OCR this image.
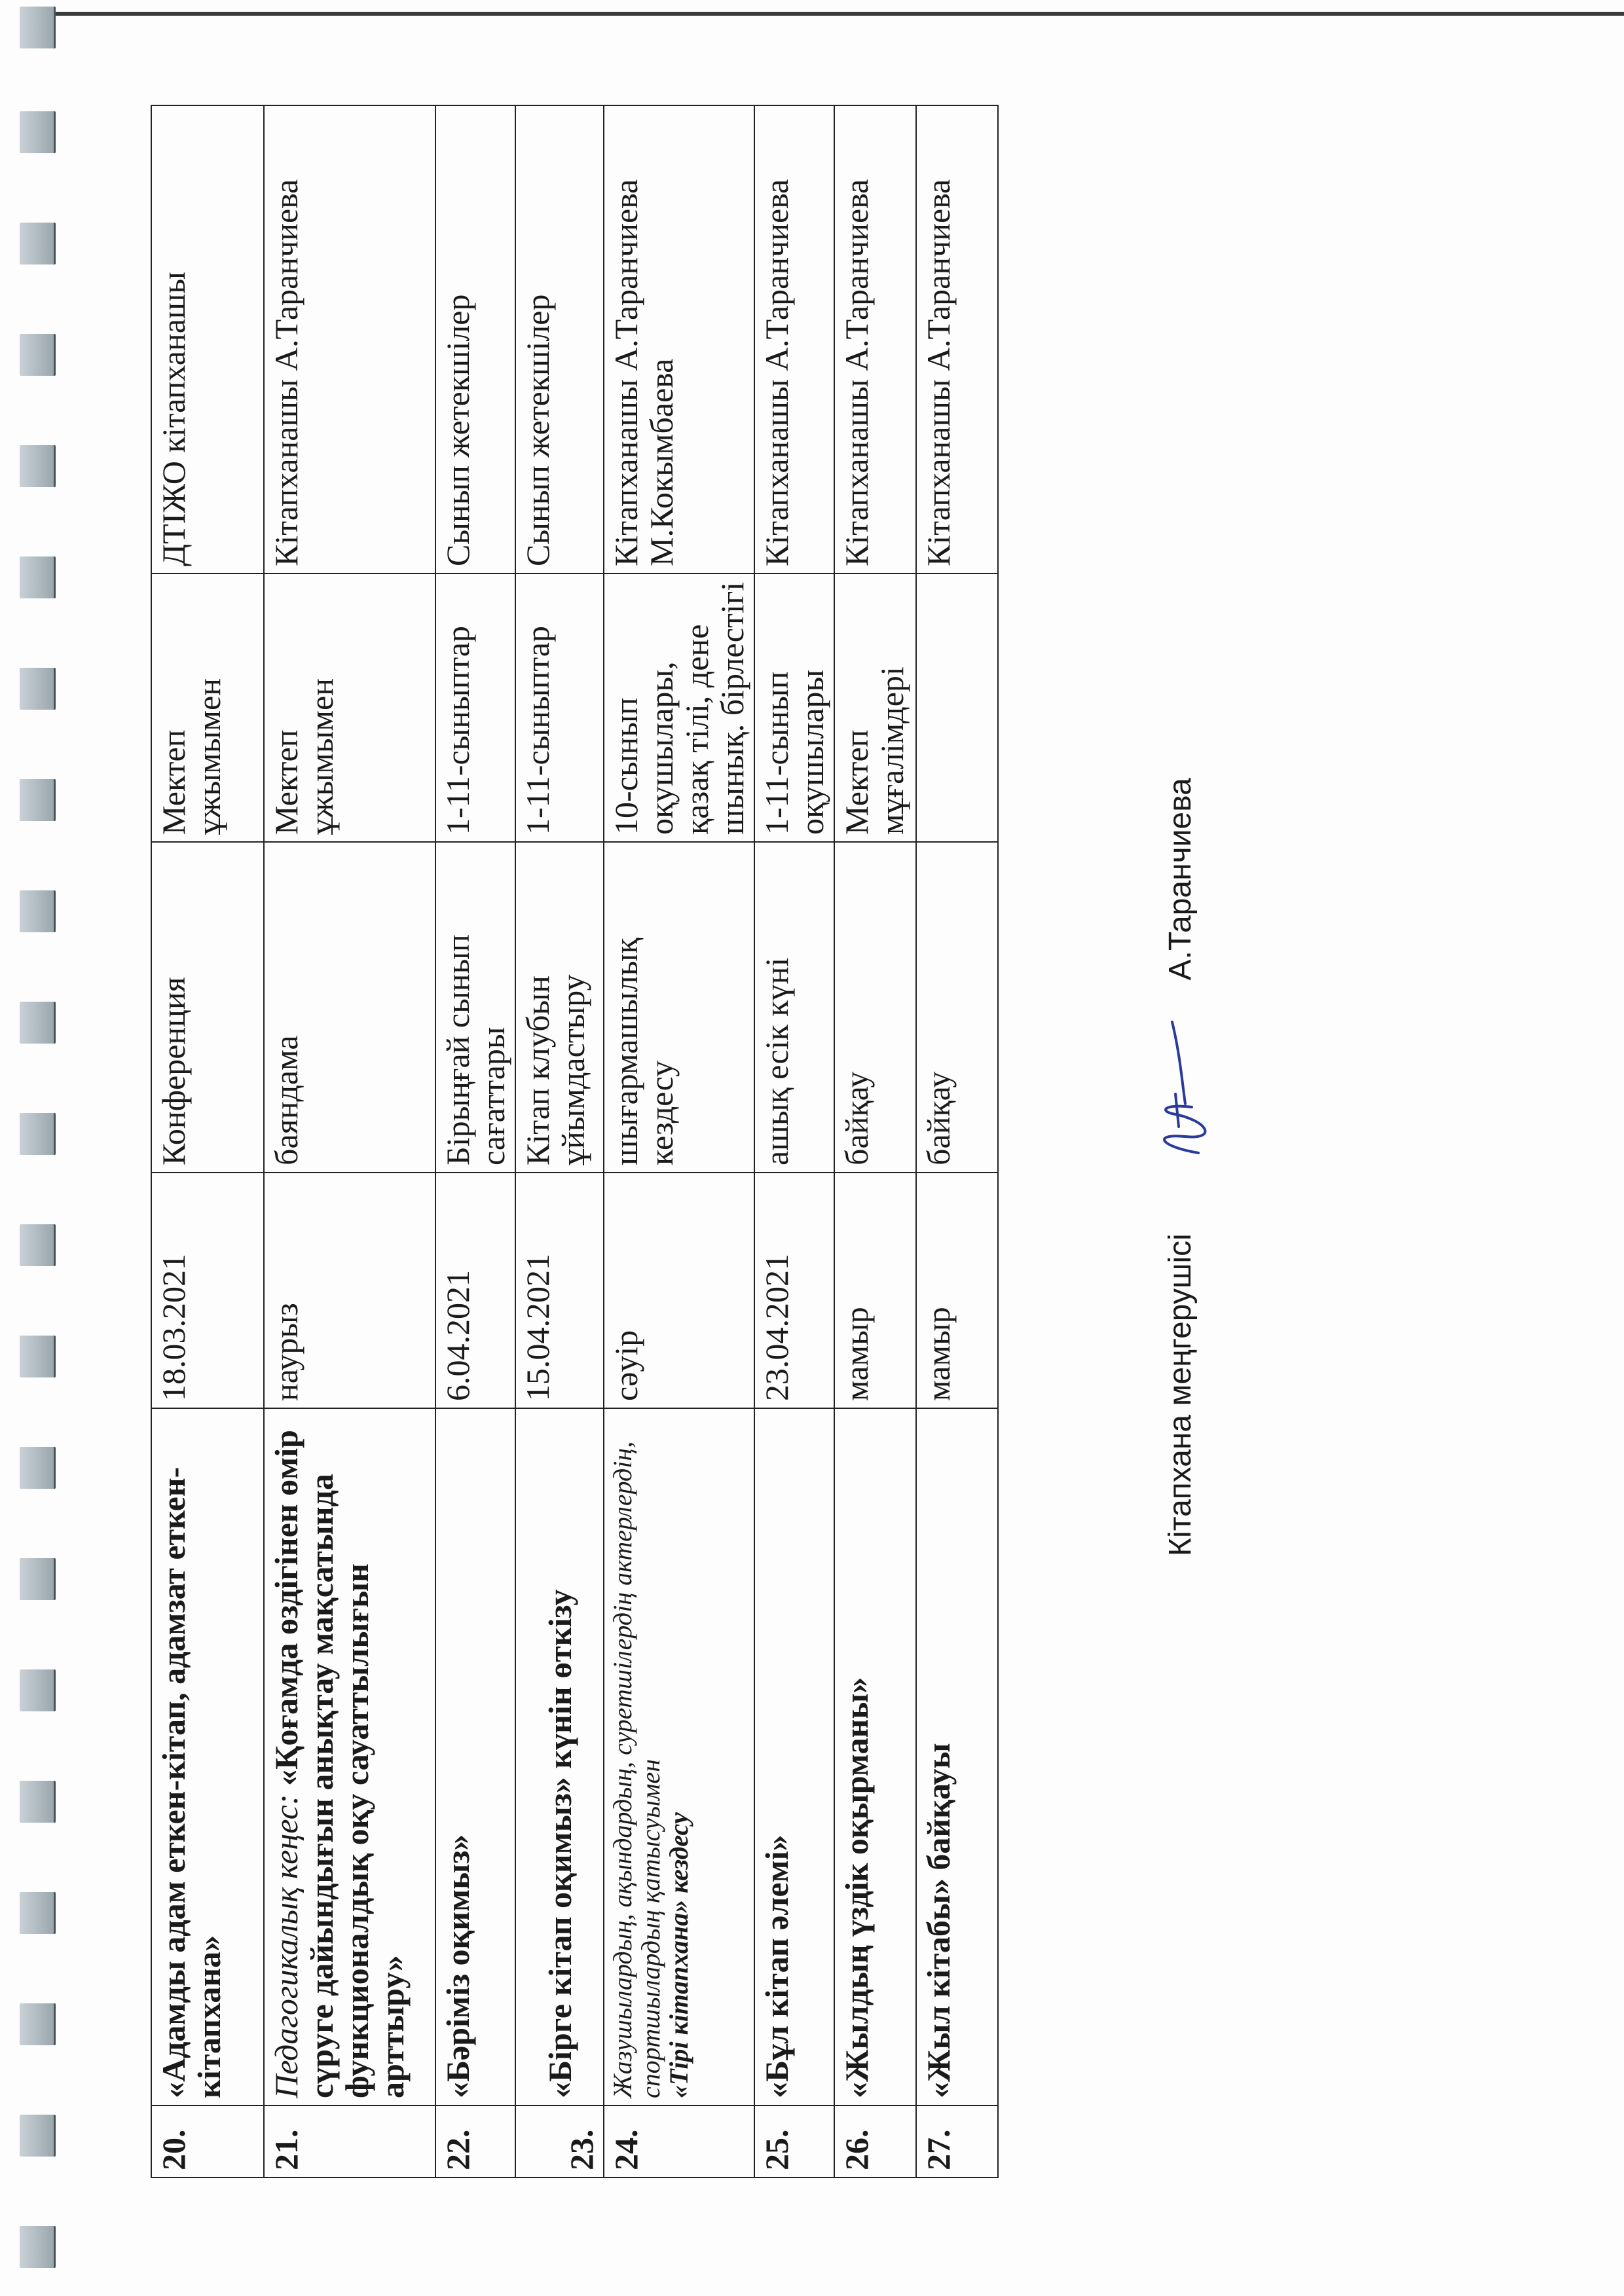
20.	«Адамды адам еткен-кітап, адамзат еткен-кітапхана»	18.03.2021	Конференция	Мектеп ұжымымен	ДТІЖО кітапханашы
21.	Педагогикалық кеңес: «Қоғамда өздігінен өмір сүруге дайындығын анықтау мақсатында функционалдық оқу сауаттылығын арттыру»	наурыз	баяндама	Мектеп ұжымымен	Кітапханашы А.Таранчиева
22.	«Бәріміз оқимыз»	6.04.2021	Бірыңғай сынып сағаттары	1-11-сыныптар	Сынып жетекшілер
23.	«Бірге кітап оқимыз» күнін өткізу	15.04.2021	Кітап клубын ұйымдастыру	1-11-сыныптар	Сынып жетекшілер
24.	Жазушылардың, ақындардың, суретшілердің актерлердің, спортшылардың қатысуымен
«Тірі кітапхана» кездесу	сәуір	шығармашылық кездесу	10-сынып оқушылары, қазақ тілі, дене шынық. бірлестігі	Кітапханашы А.Таранчиева М.Кокымбаева
25.	«Бұл кітап әлемі»	23.04.2021	ашық есік күні	1-11-сынып оқушылары	Кітапханашы А.Таранчиева
26.	«Жылдың үздік оқырманы»	мамыр	байқау	Мектеп мұғалімдері	Кітапханашы А.Таранчиева
27.	«Жыл кітабы» байқауы	мамыр	байқау		Кітапханашы А.Таранчиева
Кітапхана меңгерушісі  А.Таранчиева
